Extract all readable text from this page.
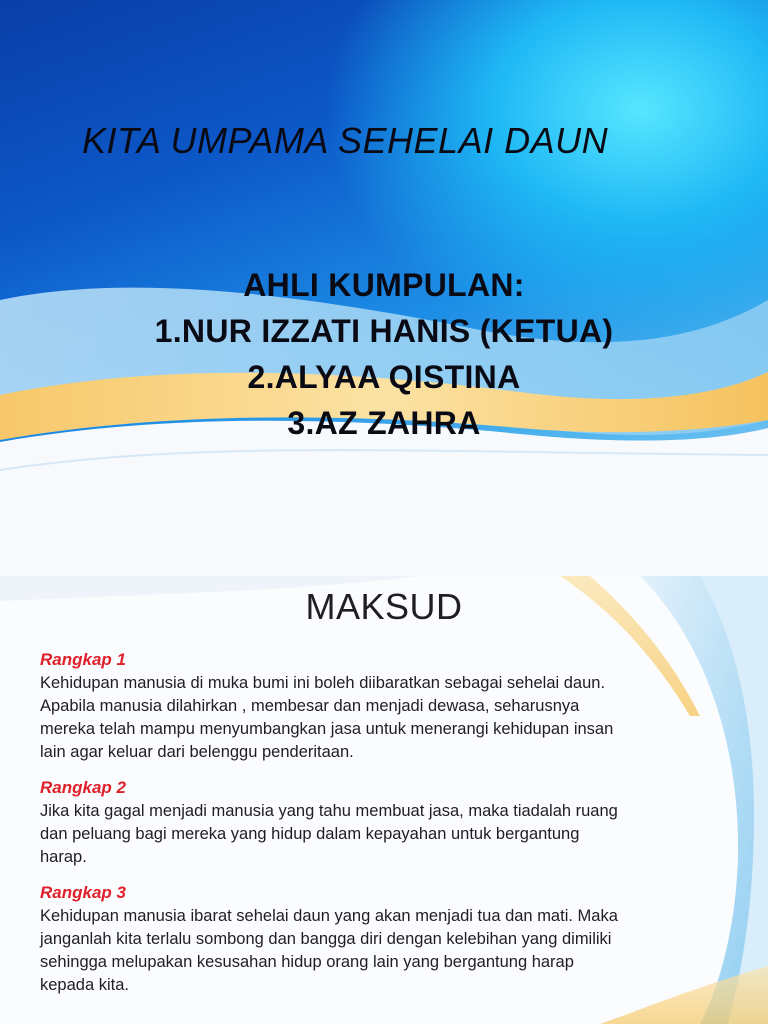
KITA UMPAMA SEHELAI DAUN
AHLI KUMPULAN:
1.NUR IZZATI HANIS (KETUA)
2.ALYAA QISTINA
3.AZ ZAHRA
MAKSUD
Rangkap 1
Kehidupan manusia di muka bumi ini boleh diibaratkan sebagai sehelai daun.
Apabila manusia dilahirkan , membesar dan menjadi dewasa, seharusnya
mereka telah mampu menyumbangkan jasa untuk menerangi kehidupan insan
lain agar keluar dari belenggu penderitaan.
Rangkap 2
Jika kita gagal menjadi manusia yang tahu membuat jasa, maka tiadalah ruang
dan peluang bagi mereka yang hidup dalam kepayahan untuk bergantung
harap.
Rangkap 3
Kehidupan manusia ibarat sehelai daun yang akan menjadi tua dan mati. Maka
janganlah kita terlalu sombong dan bangga diri dengan kelebihan yang dimiliki
sehingga melupakan kesusahan hidup orang lain yang bergantung harap
kepada kita.
